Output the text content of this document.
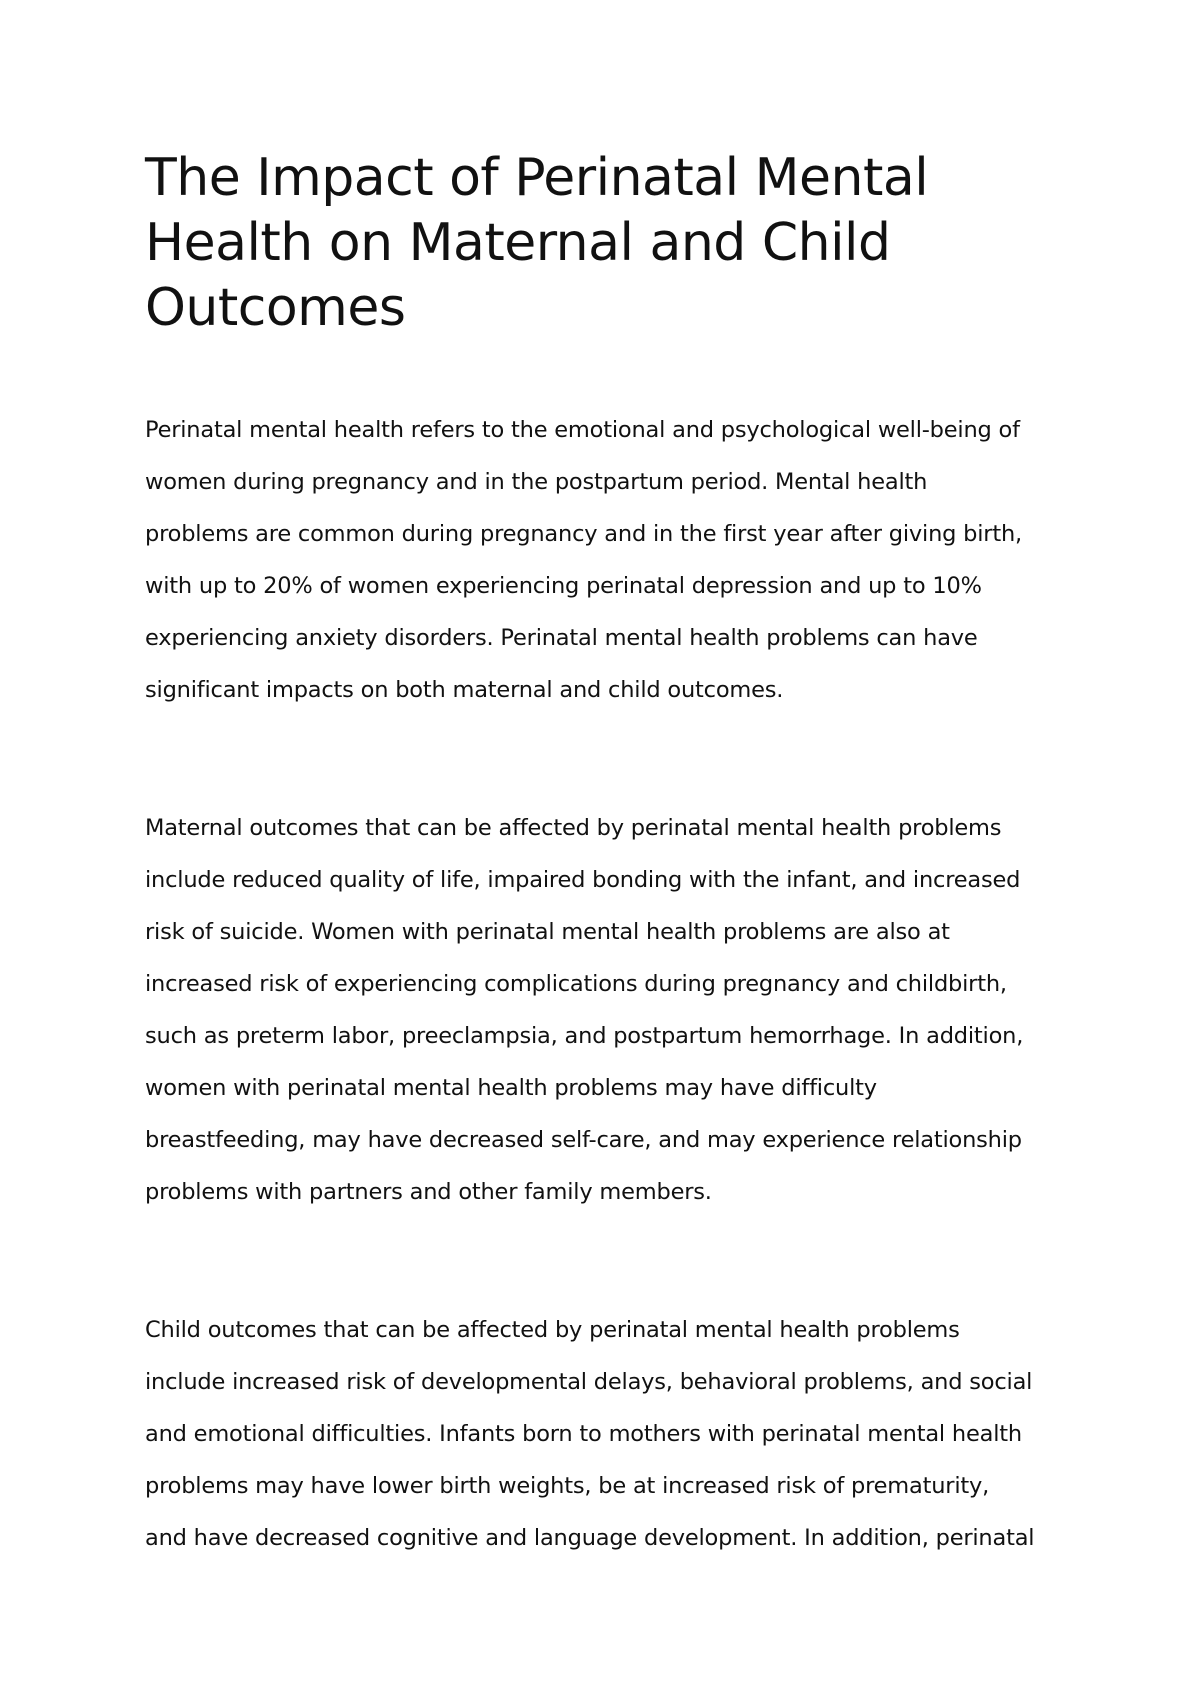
The Impact of Perinatal Mental
Health on Maternal and Child
Outcomes

Perinatal mental health refers to the emotional and psychological well-being of
women during pregnancy and in the postpartum period. Mental health
problems are common during pregnancy and in the first year after giving birth,
with up to 20% of women experiencing perinatal depression and up to 10%
experiencing anxiety disorders. Perinatal mental health problems can have
significant impacts on both maternal and child outcomes.

Maternal outcomes that can be affected by perinatal mental health problems
include reduced quality of life, impaired bonding with the infant, and increased
risk of suicide. Women with perinatal mental health problems are also at
increased risk of experiencing complications during pregnancy and childbirth,
such as preterm labor, preeclampsia, and postpartum hemorrhage. In addition,
women with perinatal mental health problems may have difficulty
breastfeeding, may have decreased self-care, and may experience relationship
problems with partners and other family members.

Child outcomes that can be affected by perinatal mental health problems
include increased risk of developmental delays, behavioral problems, and social
and emotional difficulties. Infants born to mothers with perinatal mental health
problems may have lower birth weights, be at increased risk of prematurity,
and have decreased cognitive and language development. In addition, perinatal
